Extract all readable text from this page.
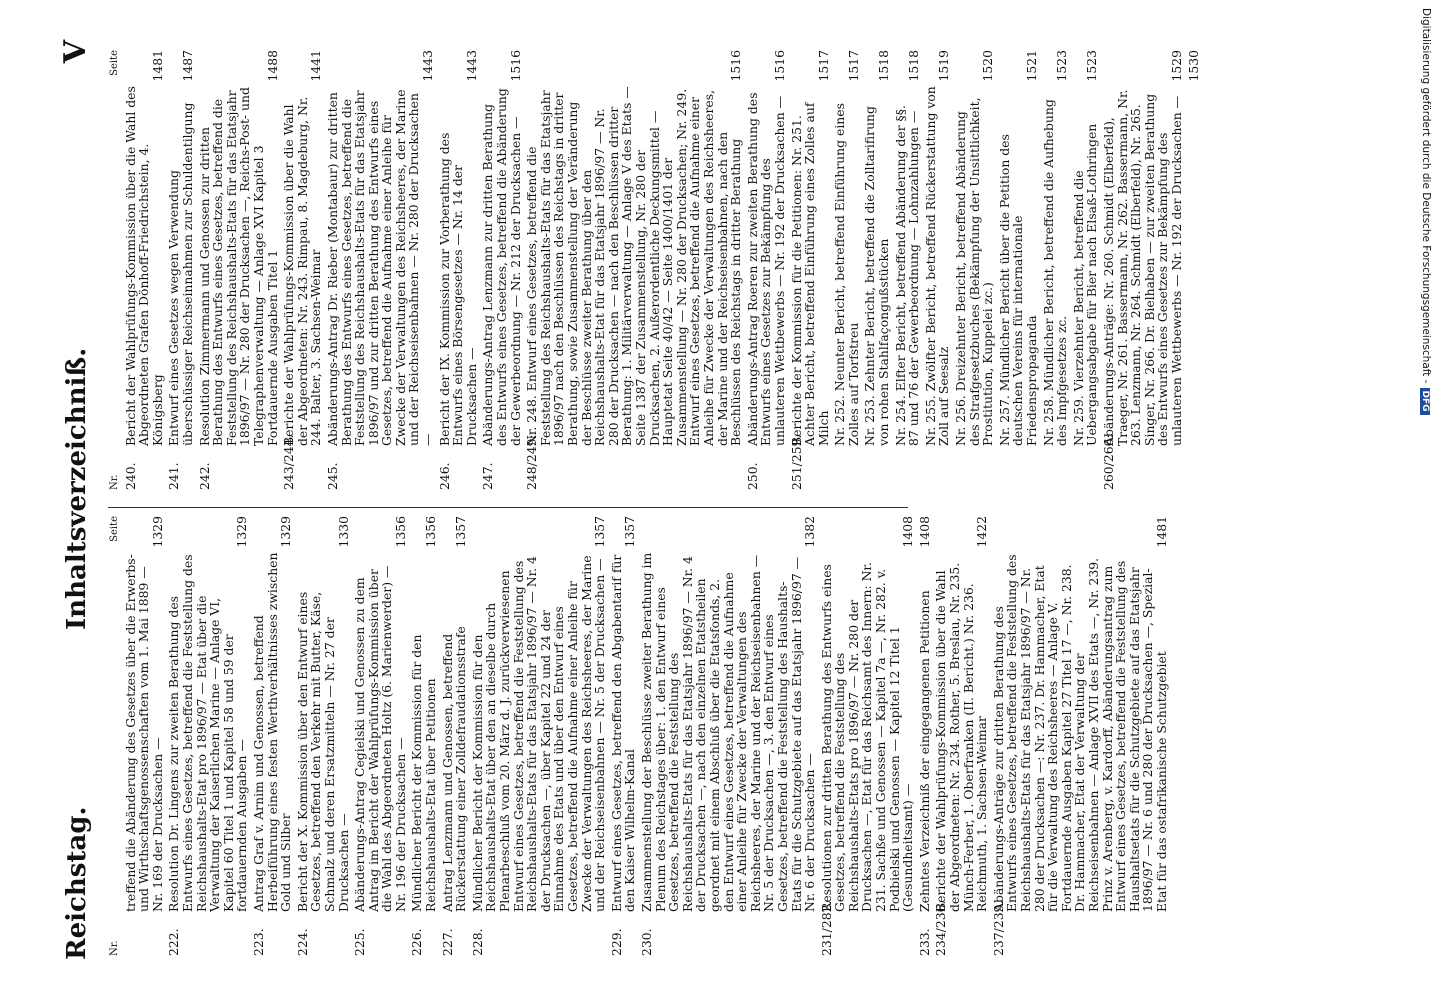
Reichstag.
Inhaltsverzeichniß.
V
Nr.
Seite
treffend die Abänderung des Gesetzes über die Erwerbs- und Wirthschaftsgenossenschaften vom 1. Mai 1889 — Nr. 169 der Drucksachen —
1329
222.
Resolution Dr. Lingens zur zweiten Berathung des Entwurfs eines Gesetzes, betreffend die Feststellung des Reichshaushalts-Etat pro 1896/97 — Etat über die Verwaltung der Kaiserlichen Marine — Anlage VI, Kapitel 60 Titel 1 und Kapitel 58 und 59 der fortdauernden Ausgaben —
1329
223.
Antrag Graf v. Arnim und Genossen, betreffend Herbeiführung eines festen Werthverhältnisses zwischen Gold und Silber
1329
224.
Bericht der X. Kommission über den Entwurf eines Gesetzes, betreffend den Verkehr mit Butter, Käse, Schmalz und deren Ersatzmitteln — Nr. 27 der Drucksachen —
1330
225.
Abänderungs-Antrag Cegielski und Genossen zu dem Antrag im Bericht der Wahlprüfungs-Kommission über die Wahl des Abgeordneten Holtz (6. Marienwerder) — Nr. 196 der Drucksachen —
1356
226.
Mündlicher Bericht der Kommission für den Reichshaushalts-Etat über Petitionen
1356
227.
Antrag Lenzmann und Genossen, betreffend Rückerstattung einer Zolldefraudationsstrafe
1357
228.
Mündlicher Bericht der Kommission für den Reichshaushalts-Etat über den an dieselbe durch Plenarbeschluß vom 20. März d. J. zurückverwiesenen Entwurf eines Gesetzes, betreffend die Feststellung des Reichshaushalts-Etats für das Etatsjahr 1896/97 — Nr. 4 der Drucksachen —, über Kapitel 22 und 24 der Einnahme des Etats und über den Entwurf eines Gesetzes, betreffend die Aufnahme einer Anleihe für Zwecke der Verwaltungen des Reichsheeres, der Marine und der Reichseisenbahnen — Nr. 5 der Drucksachen —
1357
229.
Entwurf eines Gesetzes, betreffend den Abgabentarif für den Kaiser Wilhelm-Kanal
1357
230.
Zusammenstellung der Beschlüsse zweiter Berathung im Plenum des Reichstages über: 1. den Entwurf eines Gesetzes, betreffend die Feststellung des Reichshaushalts-Etats für das Etatsjahr 1896/97 — Nr. 4 der Drucksachen —, nach den einzelnen Etatstheilen geordnet mit einem Abschluß über die Etatsfonds, 2. den Entwurf eines Gesetzes, betreffend die Aufnahme einer Anleihe für Zwecke der Verwaltungen des Reichsheeres, der Marine und der Reichseisenbahnen — Nr. 5 der Drucksachen —, 3. den Entwurf eines Gesetzes, betreffend die Feststellung des Haushalts-Etats für die Schutzgebiete auf das Etatsjahr 1896/97 — Nr. 6 der Drucksachen —
1382
231/282.
Resolutionen zur dritten Berathung des Entwurfs eines Gesetzes, betreffend die Feststellung des Reichshaushalts-Etats pro 1896/97 — Nr. 280 der Drucksachen —, Etat für das Reichsamt des Innern: Nr. 231. Sachße und Genossen — Kapitel 7a —, Nr. 282. v. Podbielski und Genossen — Kapitel 12 Titel 1 (Gesundheitsamt) —
1408
233.
Zehntes Verzeichniß der eingegangenen Petitionen
1408
234/236.
Berichte der Wahlprüfungs-Kommission über die Wahl der Abgeordneten: Nr. 234. Rother, 5. Breslau, Nr. 235. Münch-Ferber, 1. Oberfranken (II. Bericht.) Nr. 236. Reichmuth, 1. Sachsen-Weimar
1422
237/239.
Abänderungs-Anträge zur dritten Berathung des Entwurfs eines Gesetzes, betreffend die Feststellung des Reichshaushalts-Etats für das Etatsjahr 1896/97 — Nr. 280 der Drucksachen —: Nr. 237. Dr. Hammacher, Etat für die Verwaltung des Reichsheeres — Anlage V. Fortdauernde Ausgaben Kapitel 27 Titel 17 —, Nr. 238. Dr. Hammacher, Etat der Verwaltung der Reichseisenbahnen — Anlage XVII des Etats —, Nr. 239. Prinz v. Arenberg, v. Kardorff, Abänderungsantrag zum Entwurf eines Gesetzes, betreffend die Feststellung des Haushaltsetats für die Schutzgebiete auf das Etatsjahr 1896/97 — Nr. 6 und 280 der Drucksachen —, Spezial-Etat für das ostafrikanische Schutzgebiet
1481
Nr.
Seite
240.
Bericht der Wahlprüfungs-Kommission über die Wahl des Abgeordneten Grafen Dönhoff-Friedrichstein, 4. Königsberg
1481
241.
Entwurf eines Gesetzes wegen Verwendung überschüssiger Reichseinnahmen zur Schuldentilgung
1487
242.
Resolution Zimmermann und Genossen zur dritten Berathung des Entwurfs eines Gesetzes, betreffend die Feststellung des Reichshaushalts-Etats für das Etatsjahr 1896/97 — Nr. 280 der Drucksachen —, Reichs-Post- und Telegraphenverwaltung — Anlage XVI Kapitel 3 Fortdauernde Ausgaben Titel 1
1488
243/244.
Berichte der Wahlprüfungs-Kommission über die Wahl der Abgeordneten: Nr. 243. Rimpau, 8. Magdeburg, Nr. 244. Balter, 3. Sachsen-Weimar
1441
245.
Abänderungs-Antrag Dr. Rieber (Montabaur) zur dritten Berathung des Entwurfs eines Gesetzes, betreffend die Feststellung des Reichshaushalts-Etats für das Etatsjahr 1896/97 und zur dritten Berathung des Entwurfs eines Gesetzes, betreffend die Aufnahme einer Anleihe für Zwecke der Verwaltungen des Reichsheeres, der Marine und der Reichseisenbahnen — Nr. 280 der Drucksachen —
1443
246.
Bericht der IX. Kommission zur Vorberathung des Entwurfs eines Börsengesetzes — Nr. 14 der Drucksachen —
1443
247.
Abänderungs-Antrag Lenzmann zur dritten Berathung des Entwurfs eines Gesetzes, betreffend die Abänderung der Gewerbeordnung — Nr. 212 der Drucksachen —
1516
248/249:
Nr. 248. Entwurf eines Gesetzes, betreffend die Feststellung des Reichshaushalts-Etats für das Etatsjahr 1896/97 nach den Beschlüssen des Reichstags in dritter Berathung, sowie Zusammenstellung der Veränderung der Beschlüsse zweiter Berathung über den Reichshaushalts-Etat für das Etatsjahr 1896/97 — Nr. 280 der Drucksachen — nach den Beschlüssen dritter Berathung: 1. Militärverwaltung — Anlage V des Etats — Seite 1387 der Zusammenstellung, Nr. 280 der Drucksachen, 2. Außerordentliche Deckungsmittel — Hauptetat Seite 40/42 — Seite 1400/1401 der Zusammenstellung — Nr. 280 der Drucksachen; Nr. 249. Entwurf eines Gesetzes, betreffend die Aufnahme einer Anleihe für Zwecke der Verwaltungen des Reichsheeres, der Marine und der Reichseisenbahnen, nach den Beschlüssen des Reichstags in dritter Berathung
1516
250.
Abänderungs-Antrag Roeren zur zweiten Berathung des Entwurfs eines Gesetzes zur Bekämpfung des unlauteren Wettbewerbs — Nr. 192 der Drucksachen —
1516
251/259.
Berichte der Kommission für die Petitionen: Nr. 251. Achter Bericht, betreffend Einführung eines Zolles auf Milch
1517
Nr. 252. Neunter Bericht, betreffend Einführung eines Zolles auf Torfstreu
1517
Nr. 253. Zehnter Bericht, betreffend die Zolltarifirung von rohen Stahlfaçongußstücken
1518
Nr. 254. Elfter Bericht, betreffend Abänderung der §§. 87 und 76 der Gewerbeordnung — Lohnzahlungen —
1518
Nr. 255. Zwölfter Bericht, betreffend Rückerstattung von Zoll auf Seesalz
1519
Nr. 256. Dreizehnter Bericht, betreffend Abänderung des Strafgesetzbuches (Bekämpfung der Unsittlichkeit, Prostitution, Kuppelei zc.)
1520
Nr. 257. Mündlicher Bericht über die Petition des deutschen Vereins für internationale Friedenspropaganda
1521
Nr. 258. Mündlicher Bericht, betreffend die Aufhebung des Impfgesetzes zc.
1523
Nr. 259. Vierzehnter Bericht, betreffend die Uebergangsabgabe für Bier nach Elsaß-Lothringen
1523
260/266:
Abänderungs-Anträge: Nr. 260. Schmidt (Elberfeld), Traeger, Nr. 261. Bassermann, Nr. 262. Bassermann, Nr. 263. Lenzmann, Nr. 264. Schmidt (Elberfeld), Nr. 265. Singer, Nr. 266. Dr. Bielhaben — zur zweiten Berathung des Entwurfs eines Gesetzes zur Bekämpfung des unlauteren Wettbewerbs — Nr. 192 der Drucksachen —
1529 1530	Digitalisierung gefördert durch die Deutsche Forschungsgemeinschaft -DFG
